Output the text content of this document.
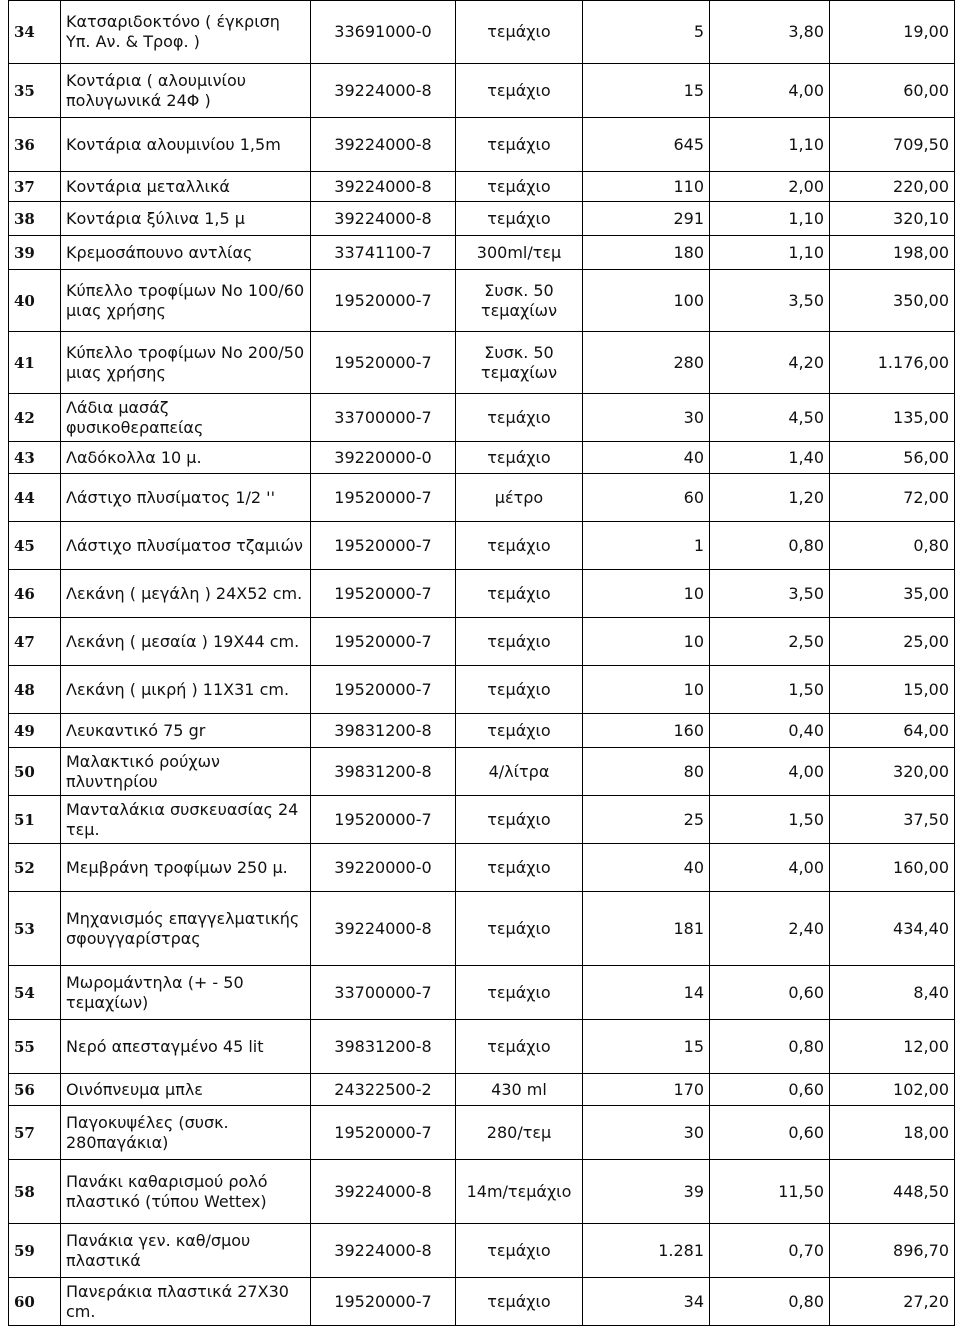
34	Κατσαριδοκτόνο ( έγκριση Υπ. Αν. & Τροφ. )	33691000-0	τεμάχιο	5	3,80	19,00
35	Κοντάρια ( αλουμινίου πολυγωνικά 24Φ )	39224000-8	τεμάχιο	15	4,00	60,00
36	Κοντάρια αλουμινίου 1,5m	39224000-8	τεμάχιο	645	1,10	709,50
37	Κοντάρια μεταλλικά	39224000-8	τεμάχιο	110	2,00	220,00
38	Κοντάρια ξύλινα 1,5 μ	39224000-8	τεμάχιο	291	1,10	320,10
39	Κρεμοσάπουνο αντλίας	33741100-7	300ml/τεμ	180	1,10	198,00
40	Κύπελλο τροφίμων Νο 100/60 μιας χρήσης	19520000-7	Συσκ. 50 τεμαχίων	100	3,50	350,00
41	Κύπελλο τροφίμων Νο 200/50 μιας χρήσης	19520000-7	Συσκ. 50 τεμαχίων	280	4,20	1.176,00
42	Λάδια μασάζ φυσικοθεραπείας	33700000-7	τεμάχιο	30	4,50	135,00
43	Λαδόκολλα 10 μ.	39220000-0	τεμάχιο	40	1,40	56,00
44	Λάστιχο πλυσίματος 1/2 ''	19520000-7	μέτρο	60	1,20	72,00
45	Λάστιχο πλυσίματοσ τζαμιών	19520000-7	τεμάχιο	1	0,80	0,80
46	Λεκάνη ( μεγάλη ) 24Χ52 cm.	19520000-7	τεμάχιο	10	3,50	35,00
47	Λεκάνη ( μεσαία ) 19Χ44 cm.	19520000-7	τεμάχιο	10	2,50	25,00
48	Λεκάνη ( μικρή ) 11Χ31 cm.	19520000-7	τεμάχιο	10	1,50	15,00
49	Λευκαντικό 75 gr	39831200-8	τεμάχιο	160	0,40	64,00
50	Μαλακτικό ρούχων πλυντηρίου	39831200-8	4/λίτρα	80	4,00	320,00
51	Μανταλάκια συσκευασίας 24 τεμ.	19520000-7	τεμάχιο	25	1,50	37,50
52	Μεμβράνη τροφίμων 250 μ.	39220000-0	τεμάχιο	40	4,00	160,00
53	Μηχανισμός επαγγελματικής σφουγγαρίστρας	39224000-8	τεμάχιο	181	2,40	434,40
54	Μωρομάντηλα (+ - 50 τεμαχίων)	33700000-7	τεμάχιο	14	0,60	8,40
55	Νερό απεσταγμένο 45 lit	39831200-8	τεμάχιο	15	0,80	12,00
56	Οινόπνευμα μπλε	24322500-2	430 ml	170	0,60	102,00
57	Παγοκυψέλες (συσκ. 280παγάκια)	19520000-7	280/τεμ	30	0,60	18,00
58	Πανάκι καθαρισμού ρολό πλαστικό (τύπου Wettex)	39224000-8	14m/τεμάχιο	39	11,50	448,50
59	Πανάκια γεν. καθ/σμου πλαστικά	39224000-8	τεμάχιο	1.281	0,70	896,70
60	Πανεράκια πλαστικά 27Χ30 cm.	19520000-7	τεμάχιο	34	0,80	27,20
